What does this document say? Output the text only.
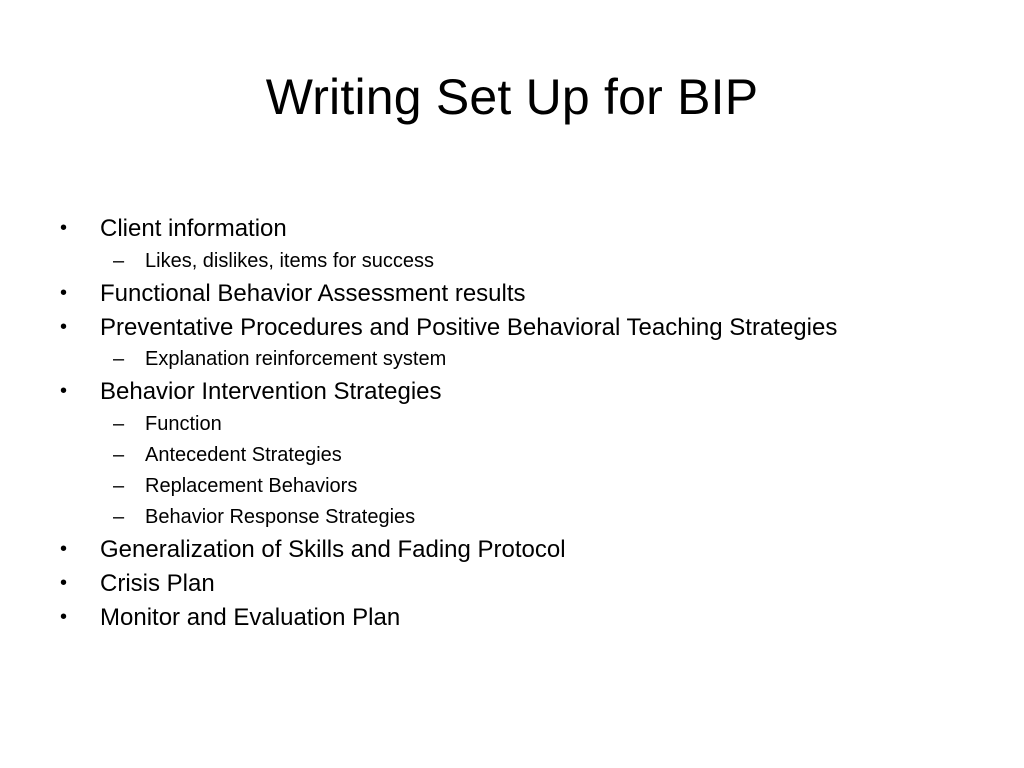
Writing Set Up for BIP
• Client information
– Likes, dislikes, items for success
• Functional Behavior Assessment results
• Preventative Procedures and Positive Behavioral Teaching Strategies
– Explanation reinforcement system
• Behavior Intervention Strategies
– Function
– Antecedent Strategies
– Replacement Behaviors
– Behavior Response Strategies
• Generalization of Skills and Fading Protocol
• Crisis Plan
• Monitor and Evaluation Plan
